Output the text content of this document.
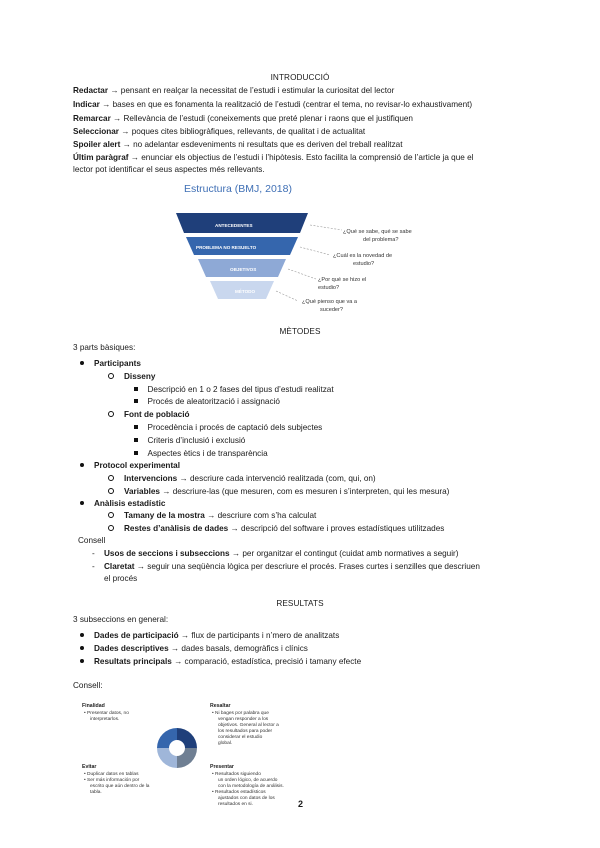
INTRODUCCIÓ
Redactar → pensant en realçar la necessitat de l’estudi i estimular la curiositat del lector
Indicar → bases en que es fonamenta la realització de l’estudi (centrar el tema, no revisar-lo exhaustivament)
Remarcar → Rellevància de l’estudi (coneixements que preté plenar i raons que el justifiquen
Seleccionar → poques cites bibliogràfiques, rellevants, de qualitat i de actualitat
Spoiler alert → no adelantar esdeveniments ni resultats que es deriven del treball realitzat
Últim paràgraf → enunciar els objectius de l’estudi i l’hipòtesis. Esto facilita la comprensió de l’article ja que el
lector pot identificar el seus aspectes més rellevants.
Estructura (BMJ, 2018)
ANTECEDENTES
PROBLEMA NO RESUELTO
OBJETIVOS
MÉTODO
¿Qué se sabe, qué se sabe
del problema?
¿Cuál es la novedad de
estudio?
¿Por qué se hizo el
estudio?
¿Qué pienso que va a
suceder?
MÈTODES
3 parts bàsiques:
Participants
Disseny
Descripció en 1 o 2 fases del tipus d’estudi realitzat
Procés de aleatorització i assignació
Font de població
Procedència i procés de captació dels subjectes
Criteris d’inclusió i exclusió
Aspectes ètics i de transparència
Protocol experimental
Intervencions → descriure cada intervenció realitzada (com, qui, on)
Variables → descriure-las (que mesuren, com es mesuren i s’interpreten, qui les mesura)
Anàlisis estadístic
Tamany de la mostra → descriure com s’ha calculat
Restes d’anàlisis de dades → descripció del software i proves estadístiques utilitzades
Consell
- Usos de seccions i subseccions → per organitzar el contingut (cuidat amb normatives a seguir)
- Claretat → seguir una seqüència lògica per descriure el procés. Frases curtes i senzilles que descriuen
el procés
RESULTATS
3 subseccions en general:
Dades de participació → flux de participants i n’mero de analitzats
Dades descriptives → dades basals, demogràfics i clínics
Resultats principals → comparació, estadística, precisió i tamany efecte
Consell:
Finalidad
• Presentar datos, no
interpretarlos.
Resaltar
• Ni bages por palabra que
vengan responder a los
objetivos. General al lector a
los resultados para poder
considerar el estudio
global.
Evitar
• Duplicar datos en tablas
• Ser más información por
escrito que aún dentro de la
tabla.
Presentar
• Resultados siguiendo
un orden lógico, de acuerdo
con la metodología de análisis.
• Resultados estadísticos
ajustados con datos de los
resultados en si.	2
